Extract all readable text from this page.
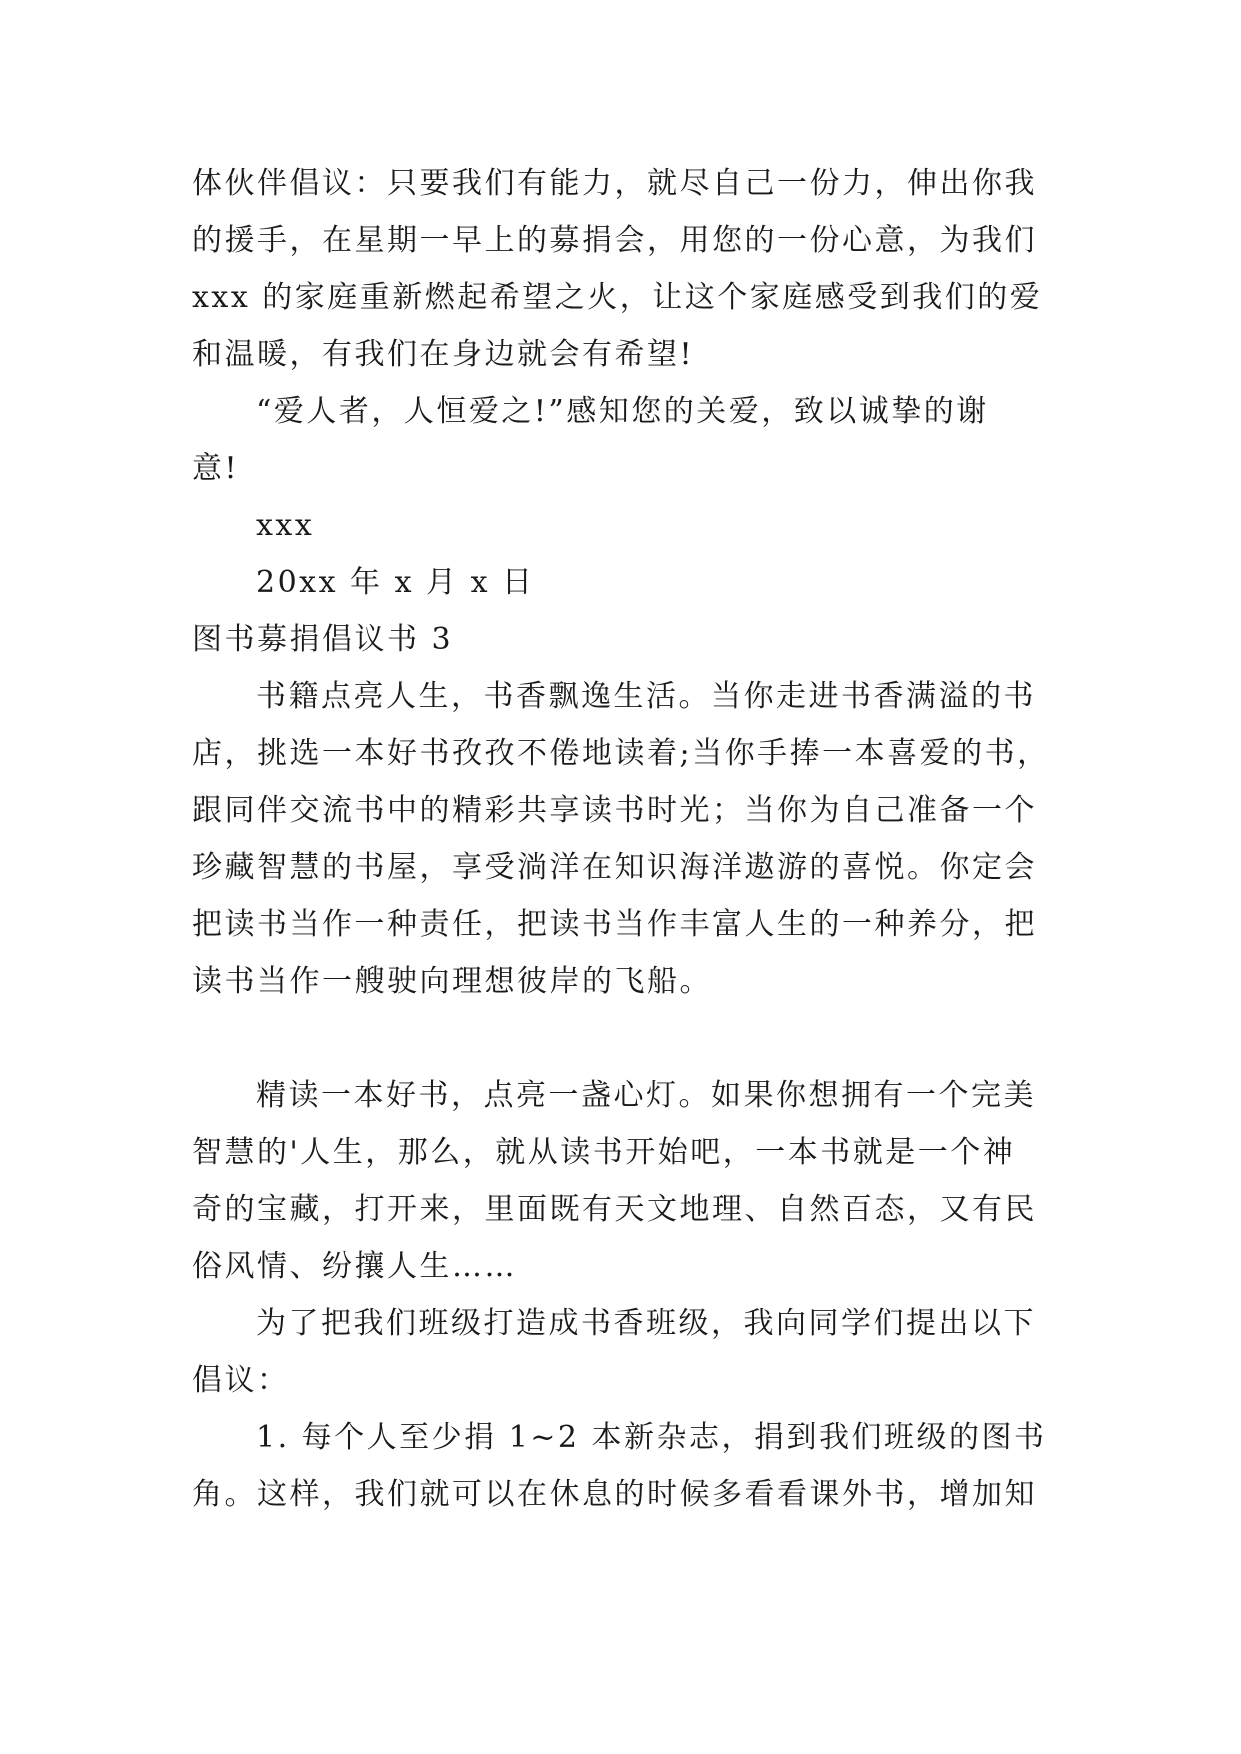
体伙伴倡议：只要我们有能力，就尽自己一份力，伸出你我
的援手，在星期一早上的募捐会，用您的一份心意，为我们
xxx 的家庭重新燃起希望之火，让这个家庭感受到我们的爱
和温暖，有我们在身边就会有希望!
“爱人者，人恒爱之!”感知您的关爱，致以诚挚的谢
意!
xxx
20xx 年 x 月 x 日
图书募捐倡议书 3
书籍点亮人生，书香飘逸生活。当你走进书香满溢的书
店，挑选一本好书孜孜不倦地读着;当你手捧一本喜爱的书，
跟同伴交流书中的精彩共享读书时光；当你为自己准备一个
珍藏智慧的书屋，享受淌洋在知识海洋遨游的喜悦。你定会
把读书当作一种责任，把读书当作丰富人生的一种养分，把
读书当作一艘驶向理想彼岸的飞船。
精读一本好书，点亮一盏心灯。如果你想拥有一个完美
智慧的'人生，那么，就从读书开始吧，一本书就是一个神
奇的宝藏，打开来，里面既有天文地理、自然百态，又有民
俗风情、纷攘人生……
为了把我们班级打造成书香班级，我向同学们提出以下
倡议：
1. 每个人至少捐 1~2 本新杂志，捐到我们班级的图书
角。这样，我们就可以在休息的时候多看看课外书，增加知
